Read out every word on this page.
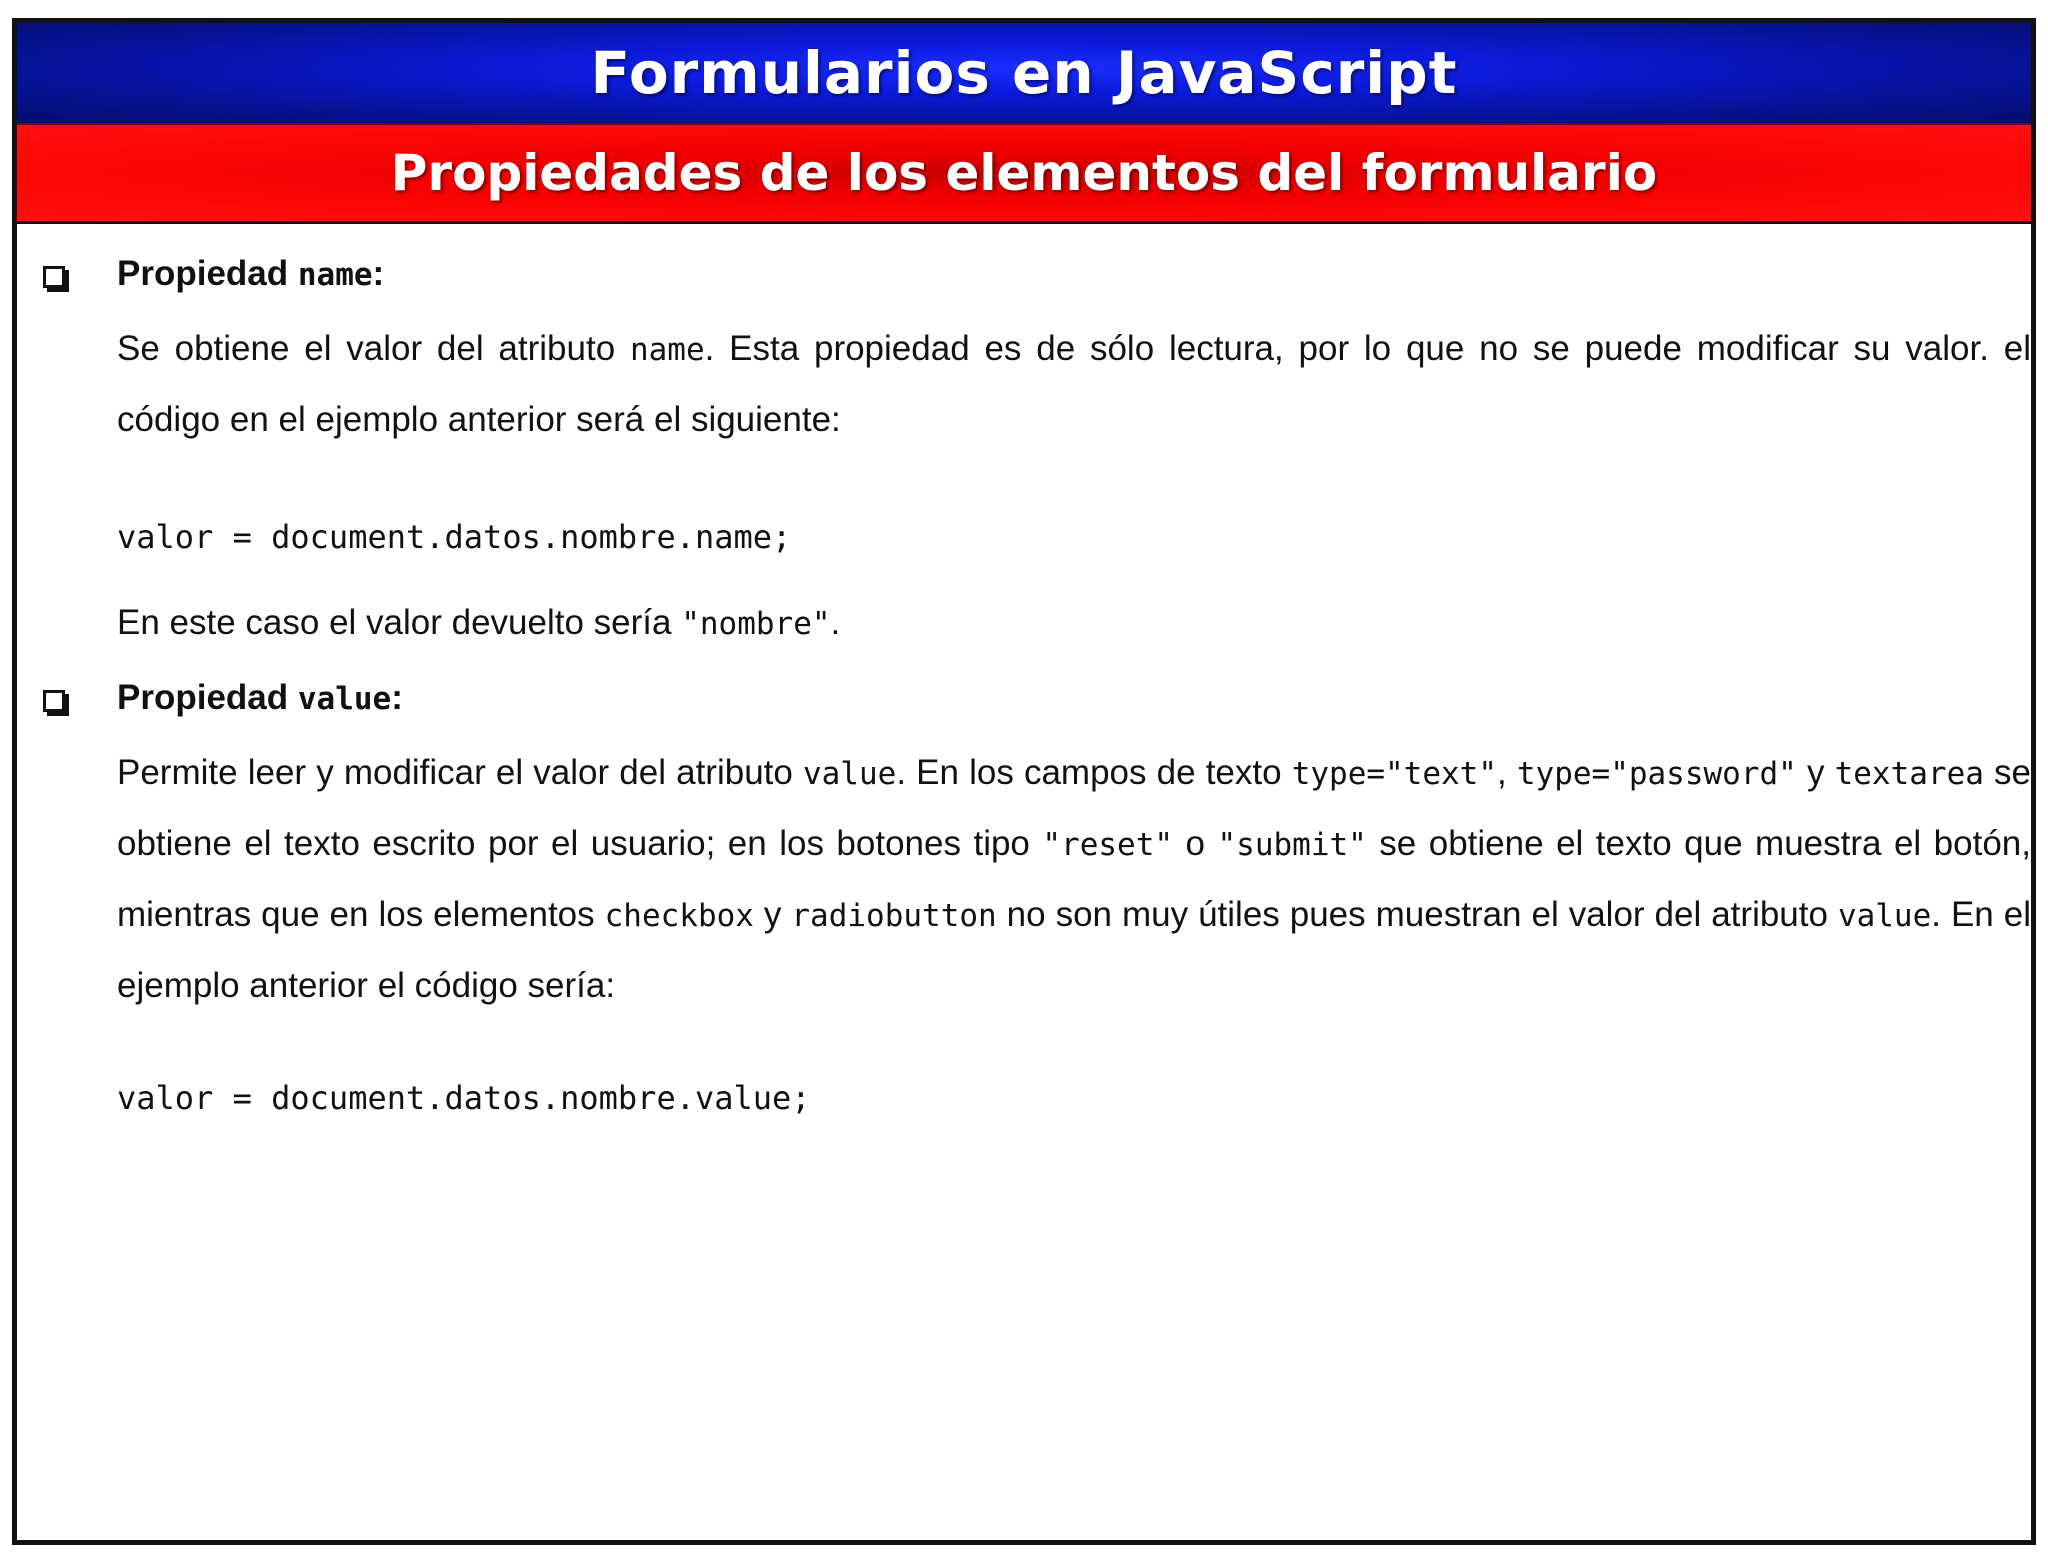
Formularios en JavaScript
Propiedades de los elementos del formulario
Propiedad name:
Se obtiene el valor del atributo name. Esta propiedad es de sólo lectura, por lo que no se puede modificar su valor. el código en el ejemplo anterior será el siguiente:
valor = document.datos.nombre.name;
En este caso el valor devuelto sería "nombre".
Propiedad value:
Permite leer y modificar el valor del atributo value. En los campos de texto type="text", type="password" y textarea se obtiene el texto escrito por el usuario; en los botones tipo "reset" o "submit" se obtiene el texto que muestra el botón, mientras que en los elementos checkbox y radiobutton no son muy útiles pues muestran el valor del atributo value. En el ejemplo anterior el código sería:
valor = document.datos.nombre.value;
